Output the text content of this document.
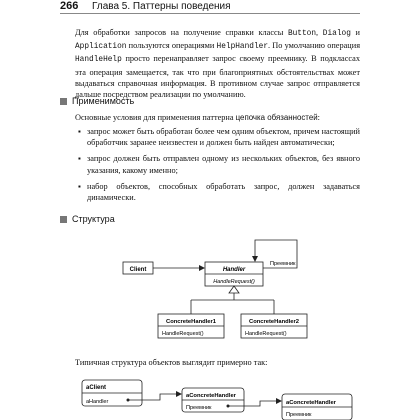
266 Глава 5. Паттерны поведения
Для обработки запросов на получение справки классы Button, Dialog и Application пользуются операциями HelpHandler. По умолчанию операция HandleHelp просто перенаправляет запрос своему преемнику. В подклассах эта операция замещается, так что при благоприятных обстоятельствах может выдаваться справочная информация. В противном случае запрос отправляется дальше посредством реализации по умолчанию.
Применимость
Основные условия для применения паттерна цепочка обязанностей:
▪ запрос может быть обработан более чем одним объектом, причем настоящий обработчик заранее неизвестен и должен быть найден автоматически;
▪ запрос должен быть отправлен одному из нескольких объектов, без явного указания, какому именно;
▪ набор объектов, способных обработать запрос, должен задаваться динамически.
Структура
Client	Handler
HandleRequest()
Преемник
ConcreteHandler1
HandleRequest()
ConcreteHandler2
HandleRequest()
Типичная структура объектов выглядит примерно так:
aClient
aHandler
aConcreteHandler
Преемник
aConcreteHandler
Преемник
